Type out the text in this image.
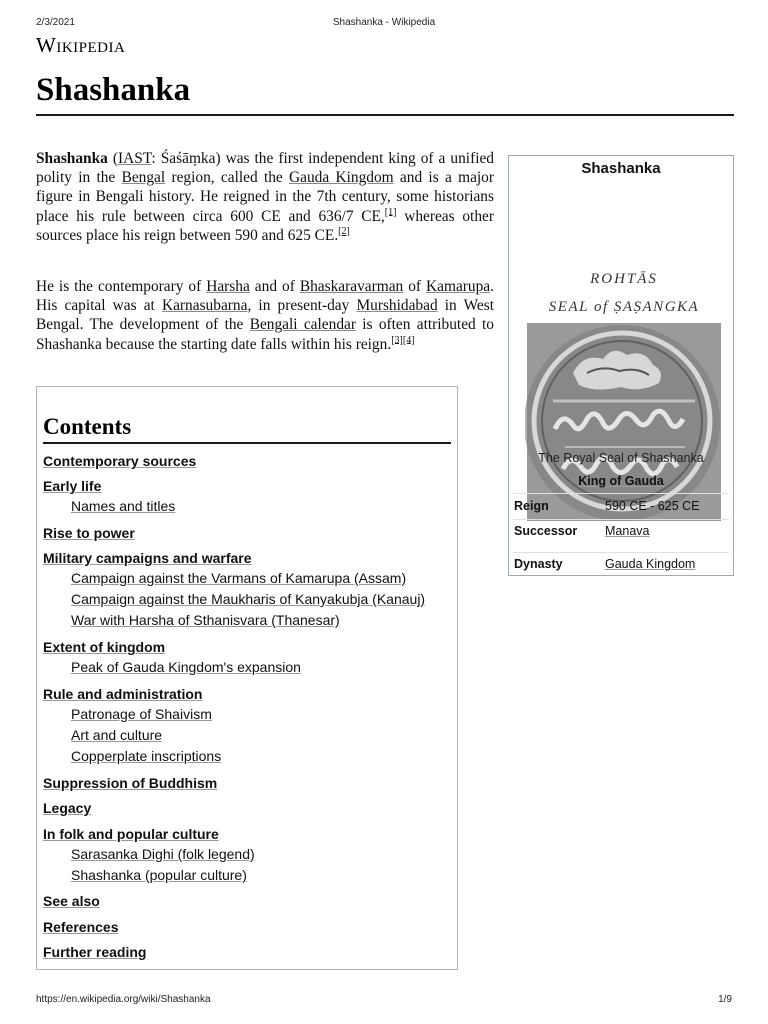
2/3/2021	Shashanka - Wikipedia
Wikipedia
Shashanka

Shashanka (IAST: Śaśāṃka) was the first independent king of a unified polity in the Bengal region, called the Gauda Kingdom and is a major figure in Bengali history. He reigned in the 7th century, some historians place his rule between circa 600 CE and 636/7 CE,[1] whereas other sources place his reign between 590 and 625 CE.[2]

He is the contemporary of Harsha and of Bhaskaravarman of Kamarupa. His capital was at Karnasubarna, in present-day Murshidabad in West Bengal. The development of the Bengali calendar is often attributed to Shashanka because the starting date falls within his reign.[3][4]

Contents
Contemporary sources
Early life
Names and titles
Rise to power
Military campaigns and warfare
Campaign against the Varmans of Kamarupa (Assam)
Campaign against the Maukharis of Kanyakubja (Kanauj)
War with Harsha of Sthanisvara (Thanesar)
Extent of kingdom
Peak of Gauda Kingdom's expansion
Rule and administration
Patronage of Shaivism
Art and culture
Copperplate inscriptions
Suppression of Buddhism
Legacy
In folk and popular culture
Sarasanka Dighi (folk legend)
Shashanka (popular culture)
See also
References
Further reading
Shashanka
ROHTĀS
SEAL of ṢAṢANGKA
The Royal Seal of Shashanka
King of Gauda
Reign	590 CE - 625 CE
Successor Manava
Dynasty	Gauda Kingdom
https://en.wikipedia.org/wiki/Shashanka	1/9
